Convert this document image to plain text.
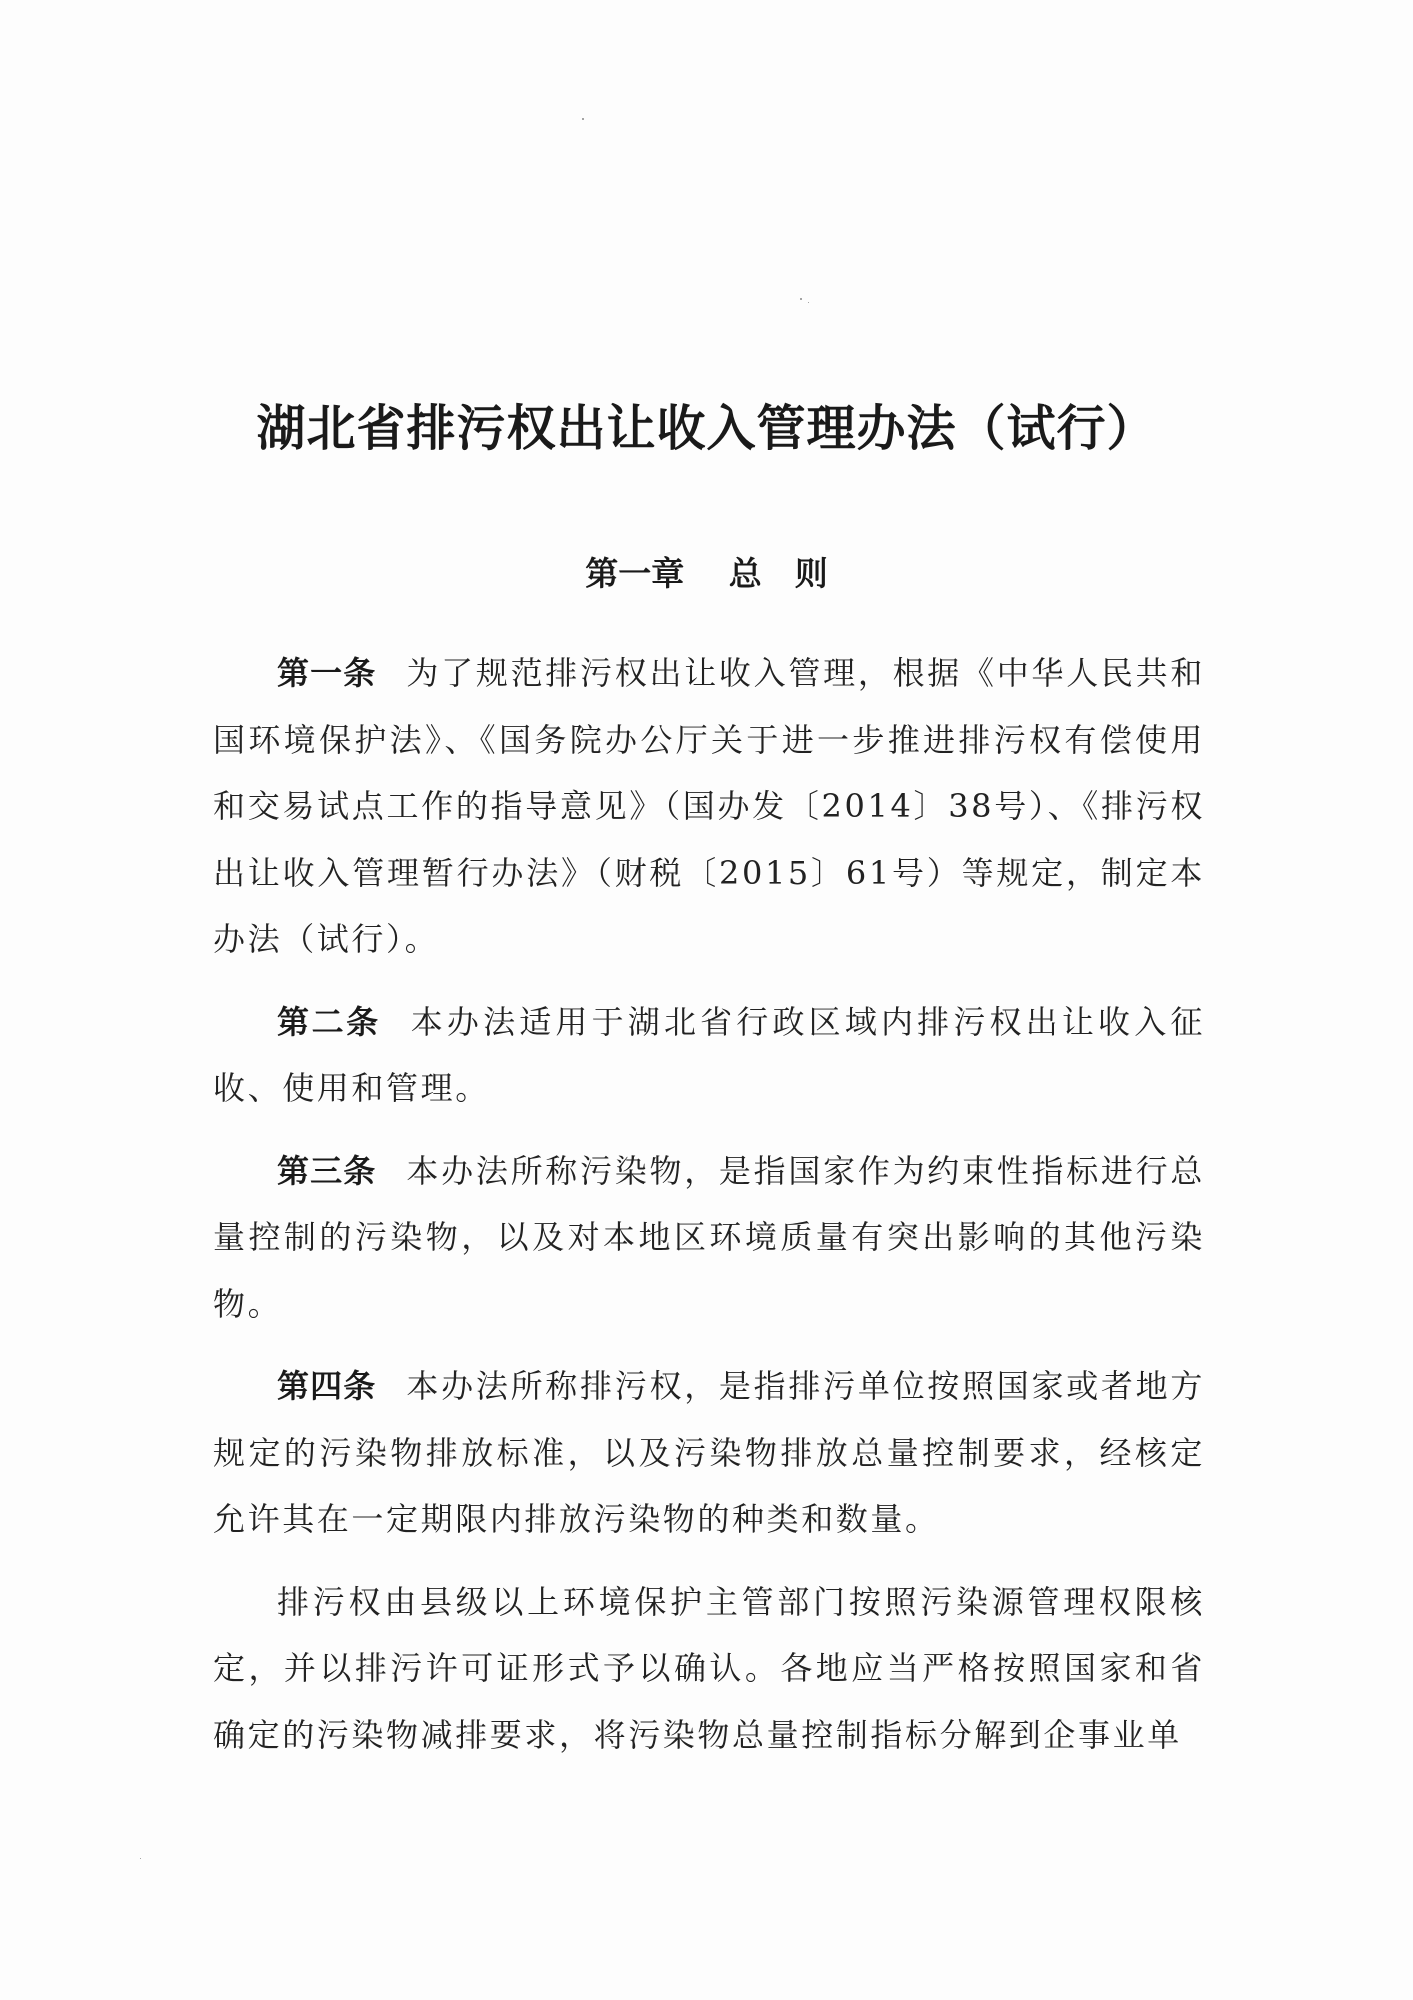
湖北省排污权出让收入管理办法（试行）
第一章　 总　则

第一条 为了规范排污权出让收入管理，根据《中华人民共和国环境保护法》、《国务院办公厅关于进一步推进排污权有偿使用和交易试点工作的指导意见》（国办发〔2014〕38号）、《排污权出让收入管理暂行办法》（财税〔2015〕61号）等规定，制定本办法（试行）。

第二条 本办法适用于湖北省行政区域内排污权出让收入征收、使用和管理。

第三条 本办法所称污染物，是指国家作为约束性指标进行总量控制的污染物，以及对本地区环境质量有突出影响的其他污染物。

第四条 本办法所称排污权，是指排污单位按照国家或者地方规定的污染物排放标准，以及污染物排放总量控制要求，经核定允许其在一定期限内排放污染物的种类和数量。

排污权由县级以上环境保护主管部门按照污染源管理权限核定，并以排污许可证形式予以确认。各地应当严格按照国家和省确定的污染物减排要求，将污染物总量控制指标分解到企事业单
